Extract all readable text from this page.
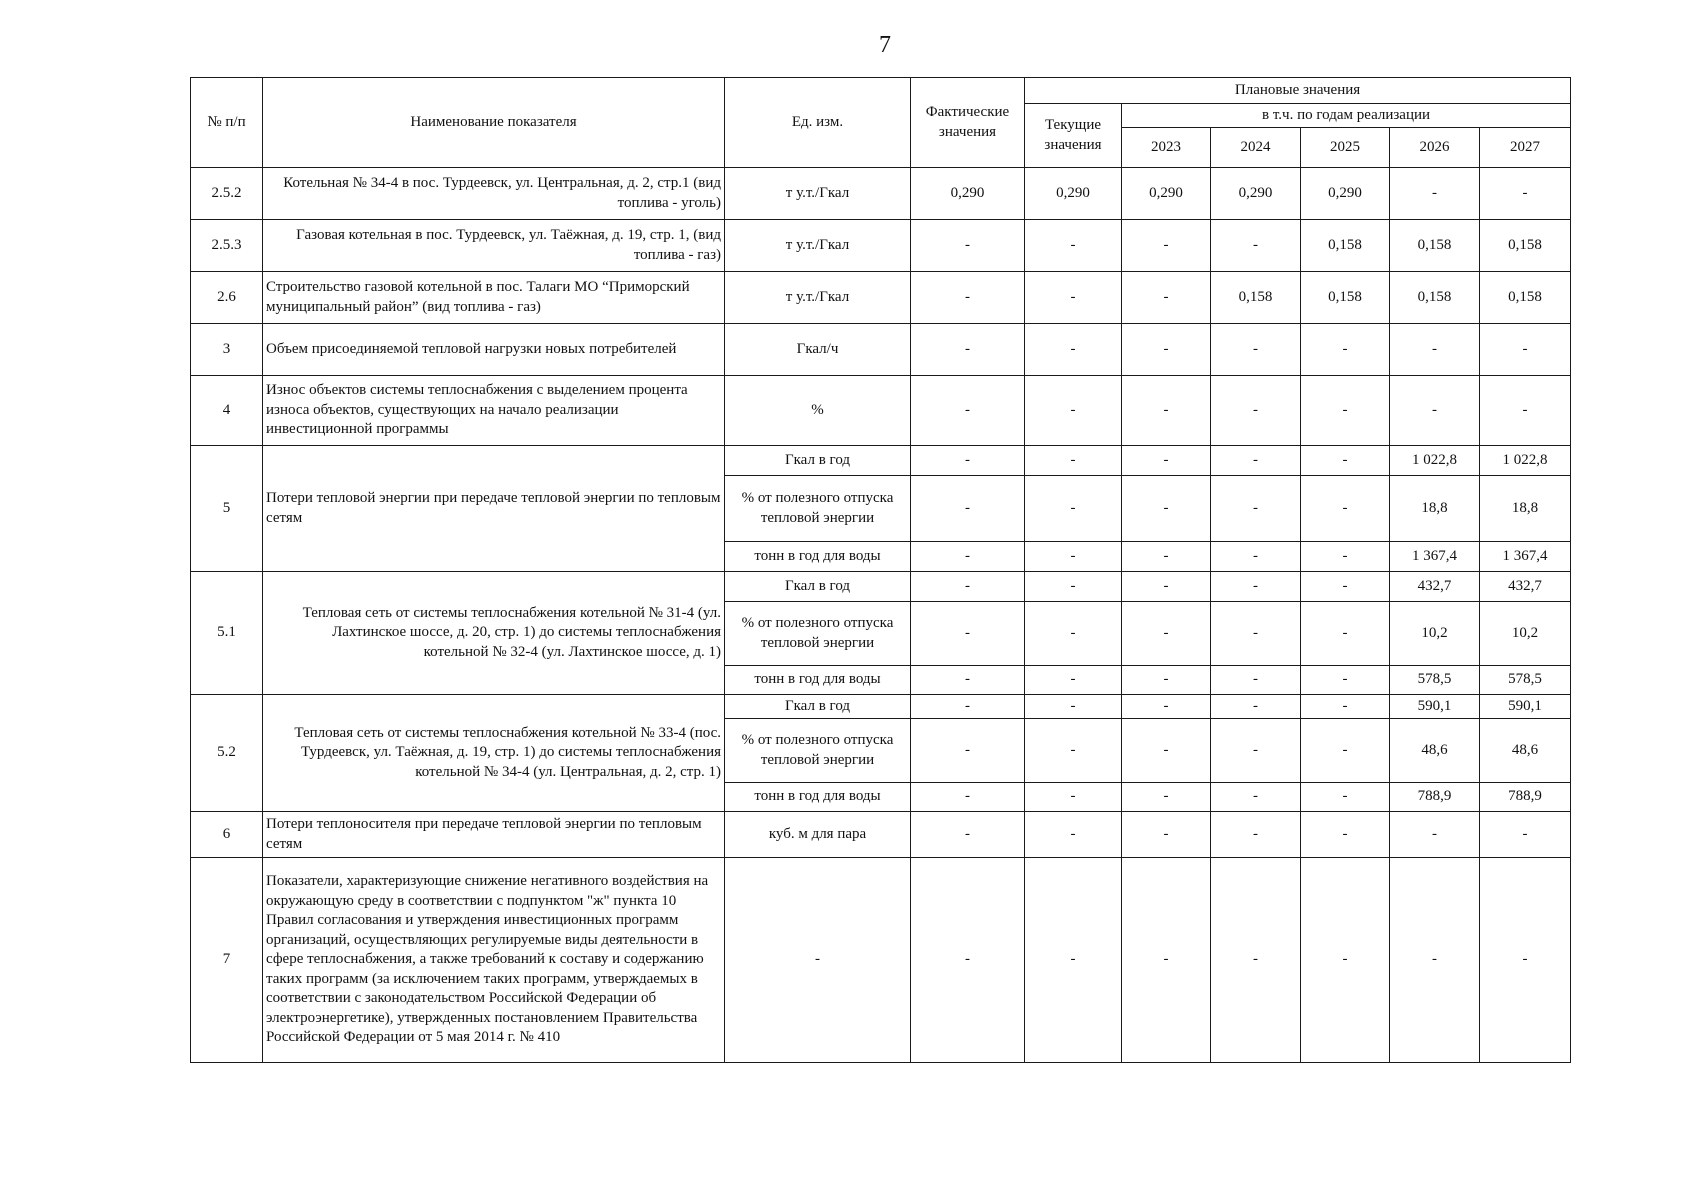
7
№ п/п	Наименование показателя	Ед. изм.	Фактические значения	Плановые значения					
				Текущие значения	в т.ч. по годам реализации				
					2023	2024	2025	2026	2027
2.5.2	Котельная № 34-4 в пос. Турдеевск, ул. Центральная, д. 2, стр.1 (вид топлива - уголь)	т у.т./Гкал	0,290	0,290	0,290	0,290	0,290	-	-
2.5.3	Газовая котельная в пос. Турдеевск, ул. Таёжная, д. 19, стр. 1, (вид топлива - газ)	т у.т./Гкал	-	-	-	-	0,158	0,158	0,158
2.6	Строительство газовой котельной в пос. Талаги МО “Приморский муниципальный район” (вид топлива - газ)	т у.т./Гкал	-	-	-	0,158	0,158	0,158	0,158
3	Объем присоединяемой тепловой нагрузки новых потребителей	Гкал/ч	-	-	-	-	-	-	-
4	Износ объектов системы теплоснабжения с выделением процента износа объектов, существующих на начало реализации инвестиционной программы	%	-	-	-	-	-	-	-
5	Потери тепловой энергии при передаче тепловой энергии по тепловым сетям	Гкал в год	-	-	-	-	-	1 022,8	1 022,8
		% от полезного отпуска тепловой энергии	-	-	-	-	-	18,8	18,8
		тонн в год для воды	-	-	-	-	-	1 367,4	1 367,4
5.1	Тепловая сеть от системы теплоснабжения котельной № 31-4 (ул. Лахтинское шоссе, д. 20, стр. 1) до системы теплоснабжения котельной № 32-4 (ул. Лахтинское шоссе, д. 1)	Гкал в год	-	-	-	-	-	432,7	432,7
		% от полезного отпуска тепловой энергии	-	-	-	-	-	10,2	10,2
		тонн в год для воды	-	-	-	-	-	578,5	578,5
5.2	Тепловая сеть от системы теплоснабжения котельной № 33-4 (пос. Турдеевск, ул. Таёжная, д. 19, стр. 1) до системы теплоснабжения котельной № 34-4 (ул. Центральная, д. 2, стр. 1)	Гкал в год	-	-	-	-	-	590,1	590,1
		% от полезного отпуска тепловой энергии	-	-	-	-	-	48,6	48,6
		тонн в год для воды	-	-	-	-	-	788,9	788,9
6	Потери теплоносителя при передаче тепловой энергии по тепловым сетям	куб. м для пара	-	-	-	-	-	-	-
7	Показатели, характеризующие снижение негативного воздействия на окружающую среду в соответствии с подпунктом "ж" пункта 10 Правил согласования и утверждения инвестиционных программ организаций, осуществляющих регулируемые виды деятельности в сфере теплоснабжения, а также требований к составу и содержанию таких программ (за исключением таких программ, утверждаемых в соответствии с законодательством Российской Федерации об электроэнергетике), утвержденных постановлением Правительства Российской Федерации от 5 мая 2014 г. № 410	-	-	-	-	-	-	-	-
